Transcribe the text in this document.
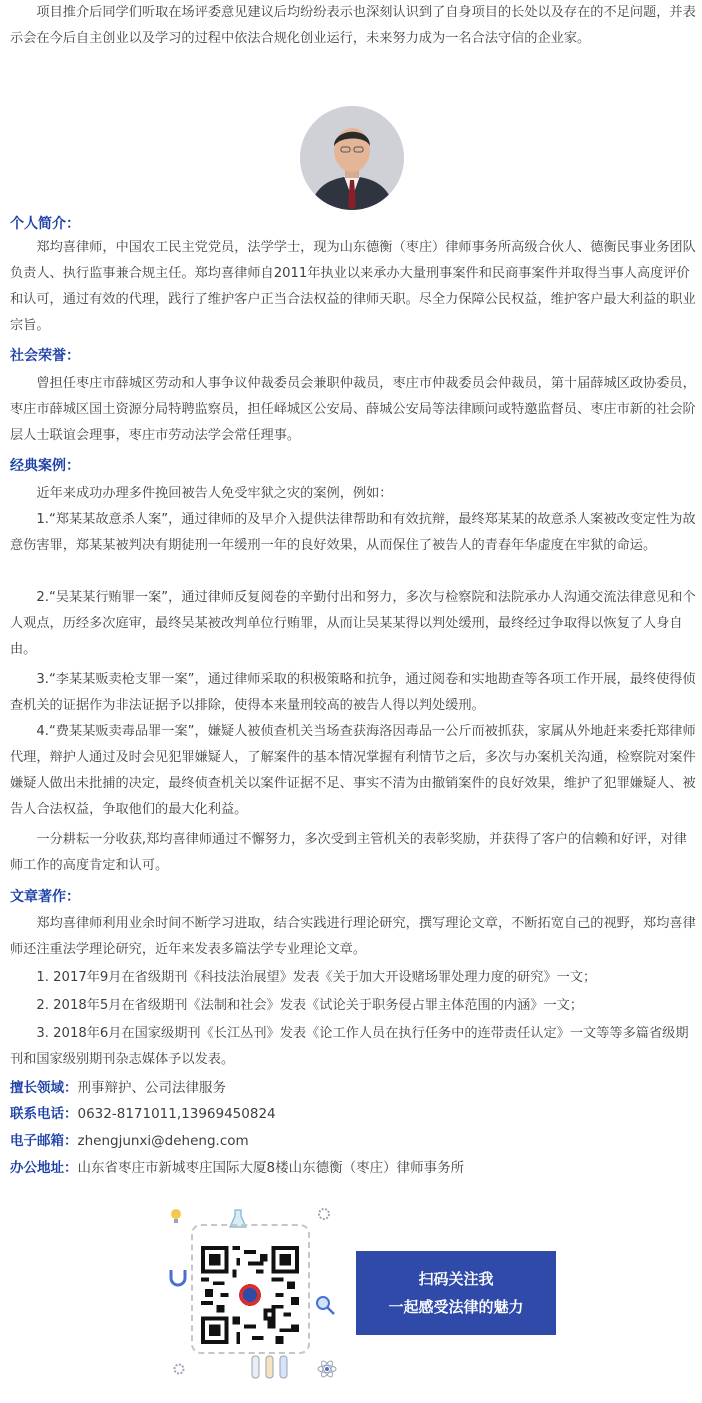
项目推介后同学们听取在场评委意见建议后均纷纷表示也深刻认识到了自身项目的长处以及存在的不足问题，并表示会在今后自主创业以及学习的过程中依法合规化创业运行，未来努力成为一名合法守信的企业家。

个人简介：

郑均喜律师，中国农工民主党党员，法学学士，现为山东德衡（枣庄）律师事务所高级合伙人、德衡民事业务团队负责人、执行监事兼合规主任。郑均喜律师自2011年执业以来承办大量刑事案件和民商事案件并取得当事人高度评价和认可，通过有效的代理，践行了维护客户正当合法权益的律师天职。尽全力保障公民权益，维护客户最大利益的职业宗旨。

社会荣誉：

曾担任枣庄市薛城区劳动和人事争议仲裁委员会兼职仲裁员，枣庄市仲裁委员会仲裁员，第十届薛城区政协委员，枣庄市薛城区国土资源分局特聘监察员，担任峄城区公安局、薛城公安局等法律顾问或特邀监督员、枣庄市新的社会阶层人士联谊会理事，枣庄市劳动法学会常任理事。

经典案例：

近年来成功办理多件挽回被告人免受牢狱之灾的案例，例如：

1.“郑某某故意杀人案”，通过律师的及早介入提供法律帮助和有效抗辩，最终郑某某的故意杀人案被改变定性为故意伤害罪，郑某某被判决有期徒刑一年缓刑一年的良好效果，从而保住了被告人的青春年华虚度在牢狱的命运。

2.“吴某某行贿罪一案”，通过律师反复阅卷的辛勤付出和努力，多次与检察院和法院承办人沟通交流法律意见和个人观点，历经多次庭审，最终吴某被改判单位行贿罪，从而让吴某某得以判处缓刑，最终经过争取得以恢复了人身自由。

3.“李某某贩卖枪支罪一案”，通过律师采取的积极策略和抗争，通过阅卷和实地勘查等各项工作开展，最终使得侦查机关的证据作为非法证据予以排除，使得本来量刑较高的被告人得以判处缓刑。

4.“费某某贩卖毒品罪一案”，嫌疑人被侦查机关当场查获海洛因毒品一公斤而被抓获，家属从外地赶来委托郑律师代理，辩护人通过及时会见犯罪嫌疑人，了解案件的基本情况掌握有利情节之后，多次与办案机关沟通，检察院对案件嫌疑人做出未批捕的决定，最终侦查机关以案件证据不足、事实不清为由撤销案件的良好效果，维护了犯罪嫌疑人、被告人合法权益，争取他们的最大化利益。

一分耕耘一分收获,郑均喜律师通过不懈努力，多次受到主管机关的表彰奖励，并获得了客户的信赖和好评，对律师工作的高度肯定和认可。

文章著作：

郑均喜律师利用业余时间不断学习进取，结合实践进行理论研究，撰写理论文章，不断拓宽自己的视野，郑均喜律师还注重法学理论研究，近年来发表多篇法学专业理论文章。

1. 2017年9月在省级期刊《科技法治展望》发表《关于加大开设赌场罪处理力度的研究》一文；

2. 2018年5月在省级期刊《法制和社会》发表《试论关于职务侵占罪主体范围的内涵》一文；

3. 2018年6月在国家级期刊《长江丛刊》发表《论工作人员在执行任务中的连带责任认定》一文等等多篇省级期刊和国家级别期刊杂志媒体予以发表。

擅长领域：刑事辩护、公司法律服务
联系电话：0632-8171011,13969450824
电子邮箱：zhengjunxi@deheng.com
办公地址：山东省枣庄市新城枣庄国际大厦8楼山东德衡（枣庄）律师事务所
扫码关注我
一起感受法律的魅力
